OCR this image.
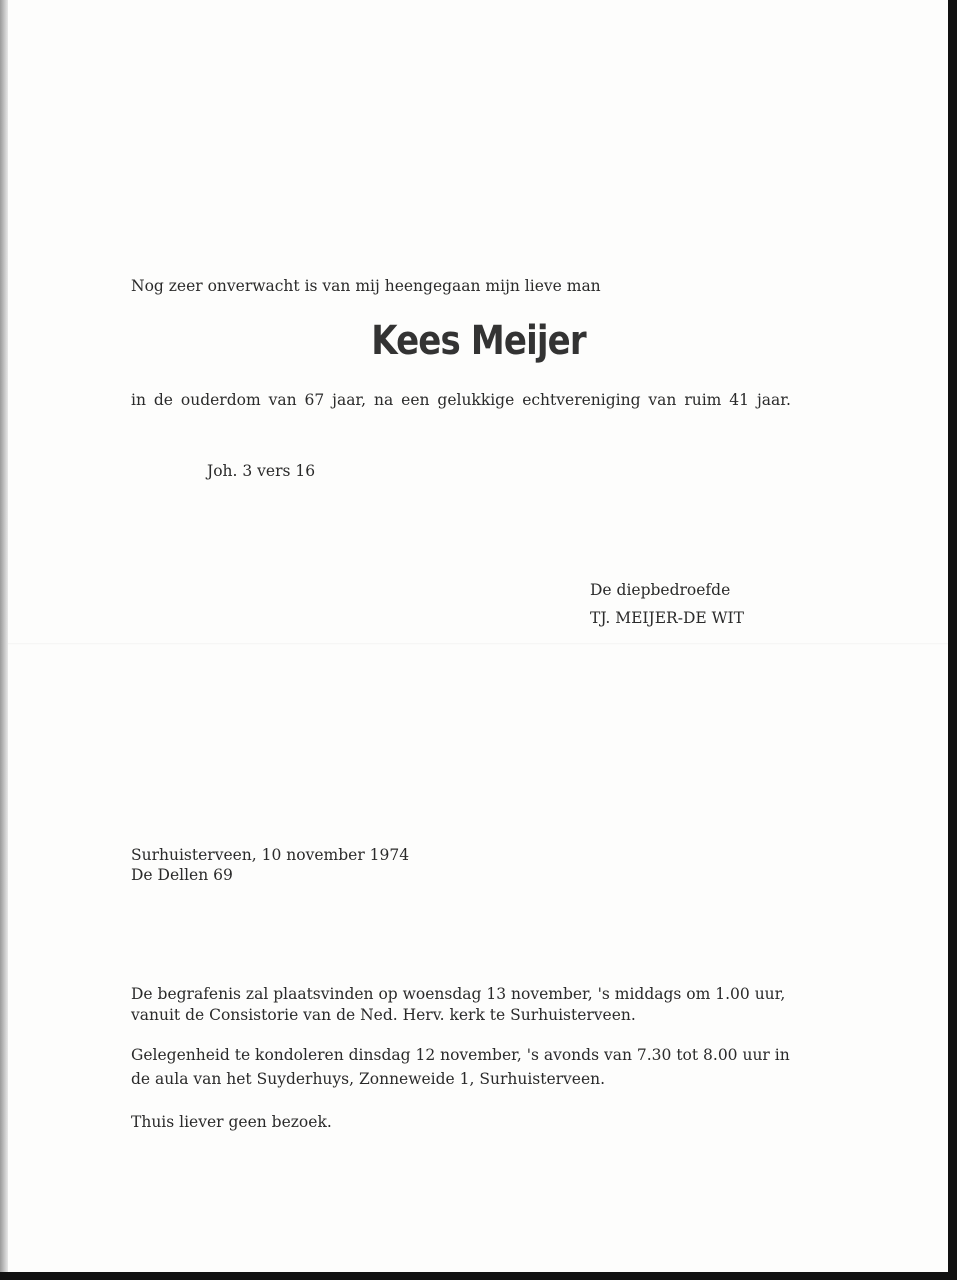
Nog zeer onverwacht is van mij heengegaan mijn lieve man

Kees Meijer

in de ouderdom van 67 jaar, na een gelukkige echtvereniging van ruim 41 jaar.

Joh. 3 vers 16

De diepbedroefde

TJ. MEIJER-DE WIT

Surhuisterveen, 10 november 1974

De Dellen 69

De begrafenis zal plaatsvinden op woensdag 13 november, 's middags om 1.00 uur,

vanuit de Consistorie van de Ned. Herv. kerk te Surhuisterveen.

Gelegenheid te kondoleren dinsdag 12 november, 's avonds van 7.30 tot 8.00 uur in

de aula van het Suyderhuys, Zonneweide 1, Surhuisterveen.

Thuis liever geen bezoek.
